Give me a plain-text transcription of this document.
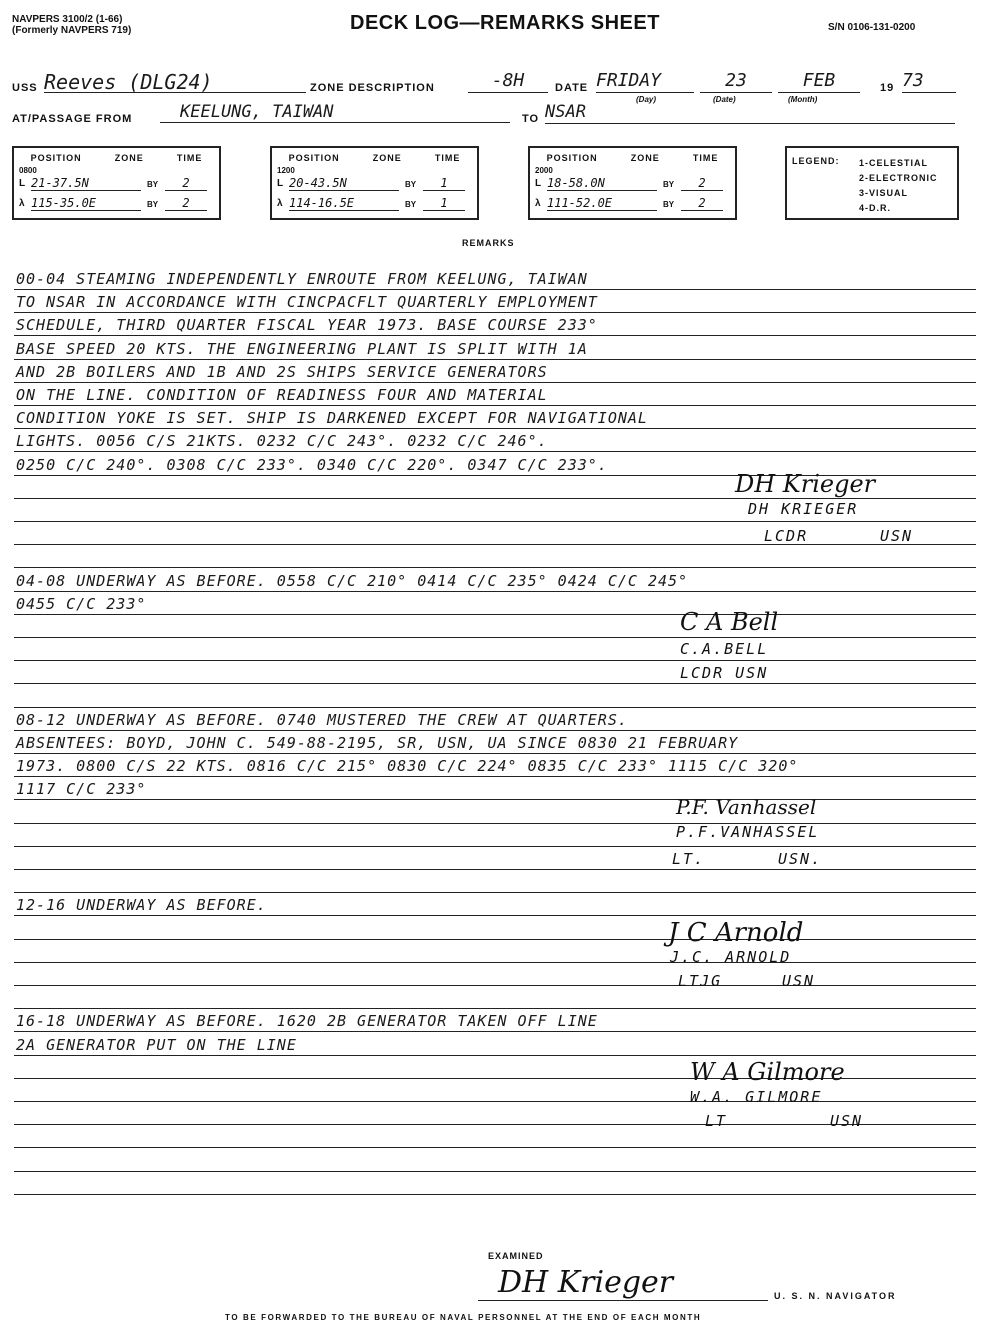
NAVPERS 3100/2 (1-66)
(Formerly NAVPERS 719)	DECK LOG—REMARKS SHEET	S/N 0106-131-0200
USS Reeves (DLG24)	ZONE DESCRIPTION	-8H	DATE FRIDAY	23	FEB	19 73
(Day)	(Date)	(Month)
AT/PASSAGE FROM	KEELUNG, TAIWAN	TO NSAR
POSITION	ZONE	TIME
0800
L 21-37.5N	BY	2
λ 115-35.0E	BY	2
POSITION	ZONE	TIME
1200
L 20-43.5N	BY	1
λ 114-16.5E	BY	1
POSITION	ZONE	TIME
2000
L 18-58.0N	BY	2
λ 111-52.0E	BY	2
LEGEND: 1-CELESTIAL
2-ELECTRONIC
3-VISUAL
4-D.R.
REMARKS
00-04 STEAMING INDEPENDENTLY ENROUTE FROM KEELUNG, TAIWAN
TO NSAR IN ACCORDANCE WITH CINCPACFLT QUARTERLY EMPLOYMENT
SCHEDULE, THIRD QUARTER FISCAL YEAR 1973. BASE COURSE 233°
BASE SPEED 20 KTS. THE ENGINEERING PLANT IS SPLIT WITH 1A
AND 2B BOILERS AND 1B AND 2S SHIPS SERVICE GENERATORS
ON THE LINE. CONDITION OF READINESS FOUR AND MATERIAL
CONDITION YOKE IS SET. SHIP IS DARKENED EXCEPT FOR NAVIGATIONAL
LIGHTS. 0056 C/S 21KTS. 0232 C/C 243°. 0232 C/C 246°.
0250 C/C 240°. 0308 C/C 233°. 0340 C/C 220°. 0347 C/C 233°.
04-08 UNDERWAY AS BEFORE. 0558 C/C 210° 0414 C/C 235° 0424 C/C 245°
0455 C/C 233°
08-12 UNDERWAY AS BEFORE. 0740 MUSTERED THE CREW AT QUARTERS.
ABSENTEES: BOYD, JOHN C. 549-88-2195, SR, USN, UA SINCE 0830 21 FEBRUARY
1973. 0800 C/S 22 KTS. 0816 C/C 215° 0830 C/C 224° 0835 C/C 233° 1115 C/C 320°
1117 C/C 233°
12-16 UNDERWAY AS BEFORE.
16-18 UNDERWAY AS BEFORE. 1620 2B GENERATOR TAKEN OFF LINE
2A GENERATOR PUT ON THE LINE
DH Krieger
DH KRIEGER
LCDR	USN
C A Bell
C.A.BELL
LCDR USN
P.F. Vanhassel
P.F.VANHASSEL
LT.	USN.
J C Arnold
J.C. ARNOLD
LTJG	USN
W A Gilmore
W.A. GILMORE
LT	USN
EXAMINED
DH Krieger	U. S. N. NAVIGATOR
TO BE FORWARDED TO THE BUREAU OF NAVAL PERSONNEL AT THE END OF EACH MONTH
